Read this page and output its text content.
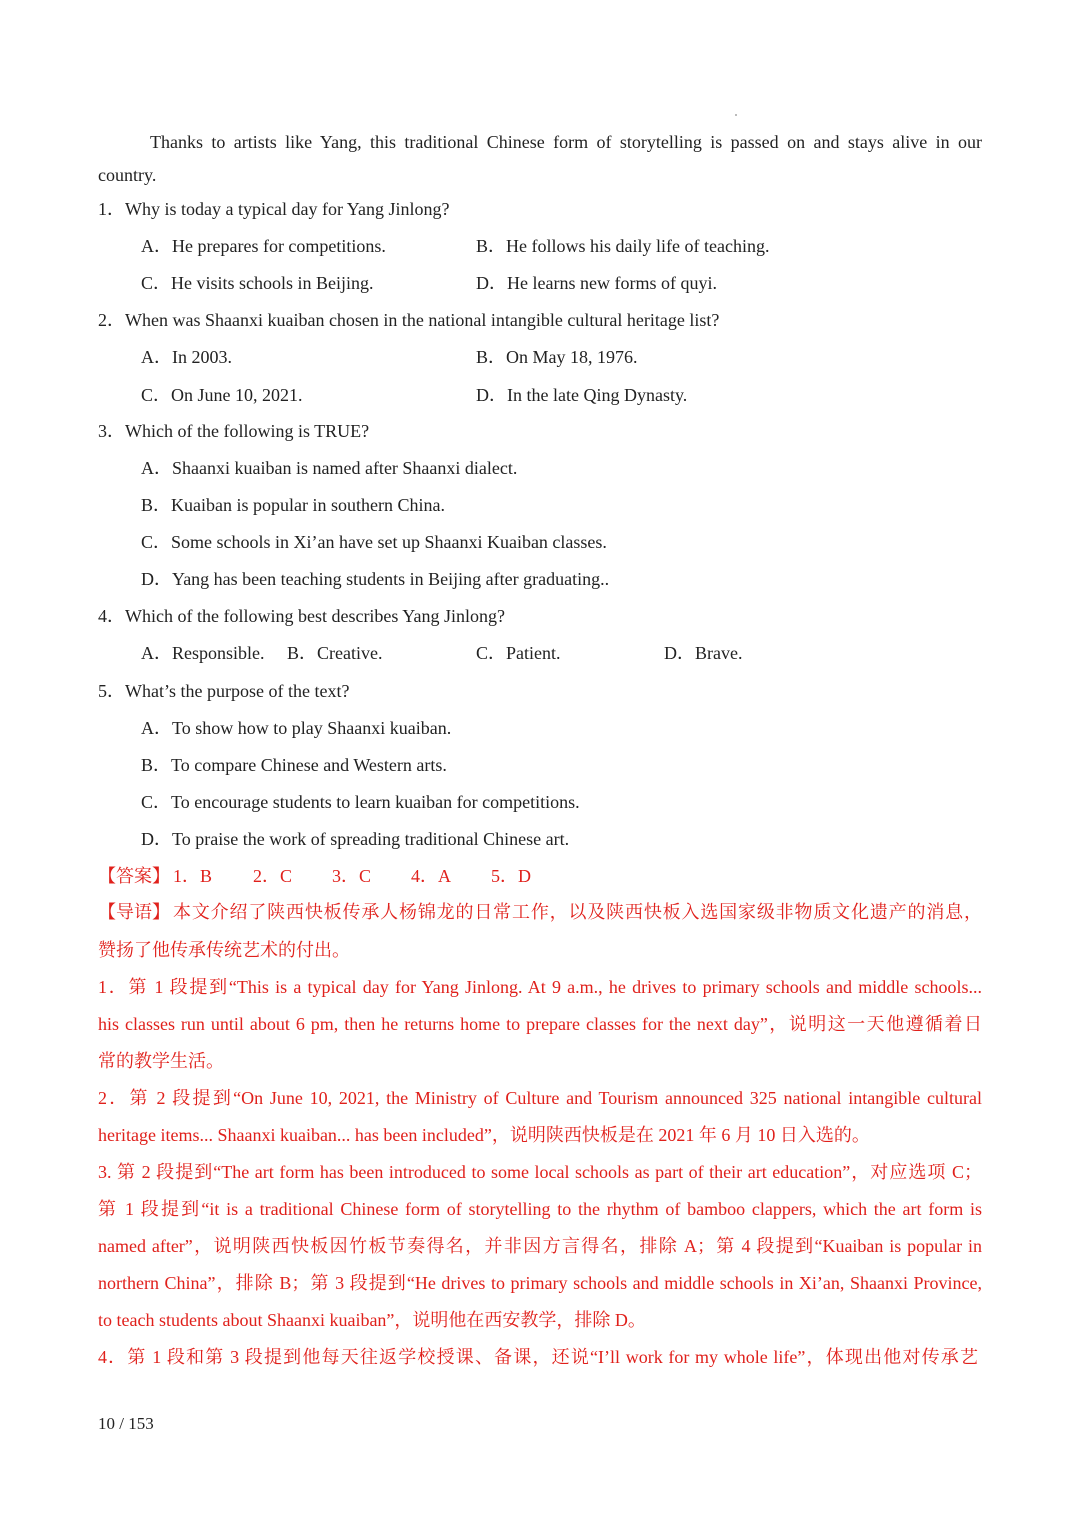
Thanks to artists like Yang, this traditional Chinese form of storytelling is passed on and stays alive in our
country.
1．Why is today a typical day for Yang Jinlong?
A．He prepares for competitions.	B．He follows his daily life of teaching.
C．He visits schools in Beijing.	D．He learns new forms of quyi.
2．When was Shaanxi kuaiban chosen in the national intangible cultural heritage list?
A．In 2003.	B．On May 18, 1976.
C．On June 10, 2021.	D．In the late Qing Dynasty.
3．Which of the following is TRUE?
A．Shaanxi kuaiban is named after Shaanxi dialect.
B．Kuaiban is popular in southern China.
C．Some schools in Xi’an have set up Shaanxi Kuaiban classes.
D．Yang has been teaching students in Beijing after graduating..
4．Which of the following best describes Yang Jinlong?
A．Responsible. B．Creative.	C．Patient.	D．Brave.
5．What’s the purpose of the text?
A．To show how to play Shaanxi kuaiban.
B．To compare Chinese and Western arts.
C．To encourage students to learn kuaiban for competitions.
D．To praise the work of spreading traditional Chinese art.
【答案】 1．B 2．C 3．C 4．A 5．D
【导语】 本文介绍了陕西快板传承人杨锦龙的日常工作，以及陕西快板入选国家级非物质文化遗产的消息，
赞扬了他传承传统艺术的付出。
1．第 1 段提到“This is a typical day for Yang Jinlong. At 9 a.m., he drives to primary schools and middle schools...
his classes run until about 6 pm, then he returns home to prepare classes for the next day”，说明这一天他遵循着日
常的教学生活。
2．第 2 段提到“On June 10, 2021, the Ministry of Culture and Tourism announced 325 national intangible cultural
heritage items... Shaanxi kuaiban... has been included”，说明陕西快板是在 2021 年 6 月 10 日入选的。
3. 第 2 段提到“The art form has been introduced to some local schools as part of their art education”，对应选项 C；
第 1 段提到“it is a traditional Chinese form of storytelling to the rhythm of bamboo clappers, which the art form is
named after”，说明陕西快板因竹板节奏得名，并非因方言得名，排除 A；第 4 段提到“Kuaiban is popular in
northern China”，排除 B；第 3 段提到“He drives to primary schools and middle schools in Xi’an, Shaanxi Province,
to teach students about Shaanxi kuaiban”，说明他在西安教学，排除 D。
4．第 1 段和第 3 段提到他每天往返学校授课、备课，还说“I’ll work for my whole life”，体现出他对传承艺
10 / 153
